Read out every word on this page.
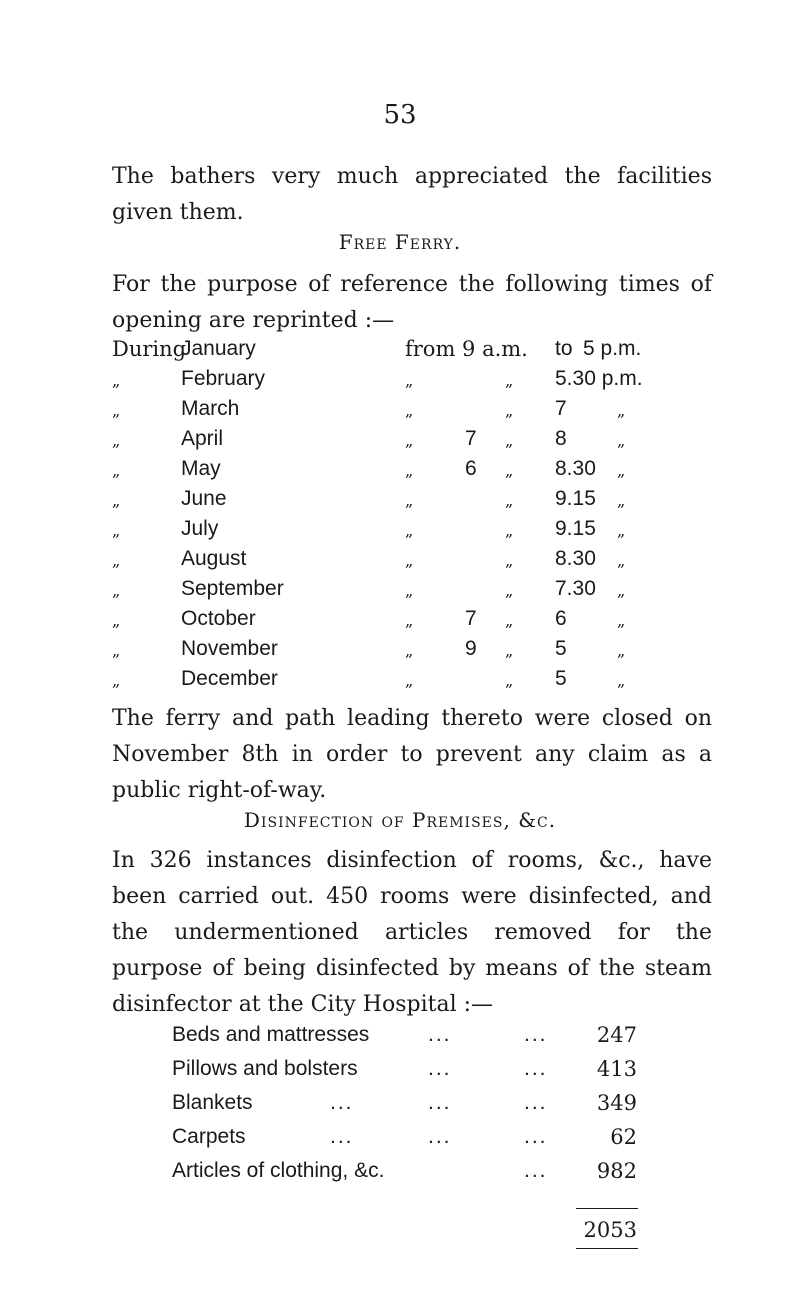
53

The bathers very much appreciated the facilities given them.

Free Ferry.

For the purpose of reference the following times of opening are reprinted :—

During
January	from 9 a.m. to 5 p.m.
„	February	„	„ 5.30 p.m.
„	March	„	„ 7	„
„	April	„ 7 „ 8	„
„	May	„ 6 „ 8.30 „
„	June	„	„ 9.15 „
„	July	„	„ 9.15 „
„	August	„	„ 8.30 „
„	September	„	„ 7.30 „
„	October	„ 7 „ 6	„
„	November	„ 9 „ 5	„
„	December	„	„ 5	„

The ferry and path leading thereto were closed on November 8th in order to prevent any claim as a public right-of-way.

Disinfection of Premises, &c.

In 326 instances disinfection of rooms, &c., have been carried out. 450 rooms were disinfected, and the undermentioned articles removed for the purpose of being disinfected by means of the steam disinfector at the City Hospital :—

Beds and mattresses	...	...	247
Pillows and bolsters	...	...	413
Blankets	...	...	...	349
Carpets	...	...	...	62
Articles of clothing, &c.	...	982
2053
